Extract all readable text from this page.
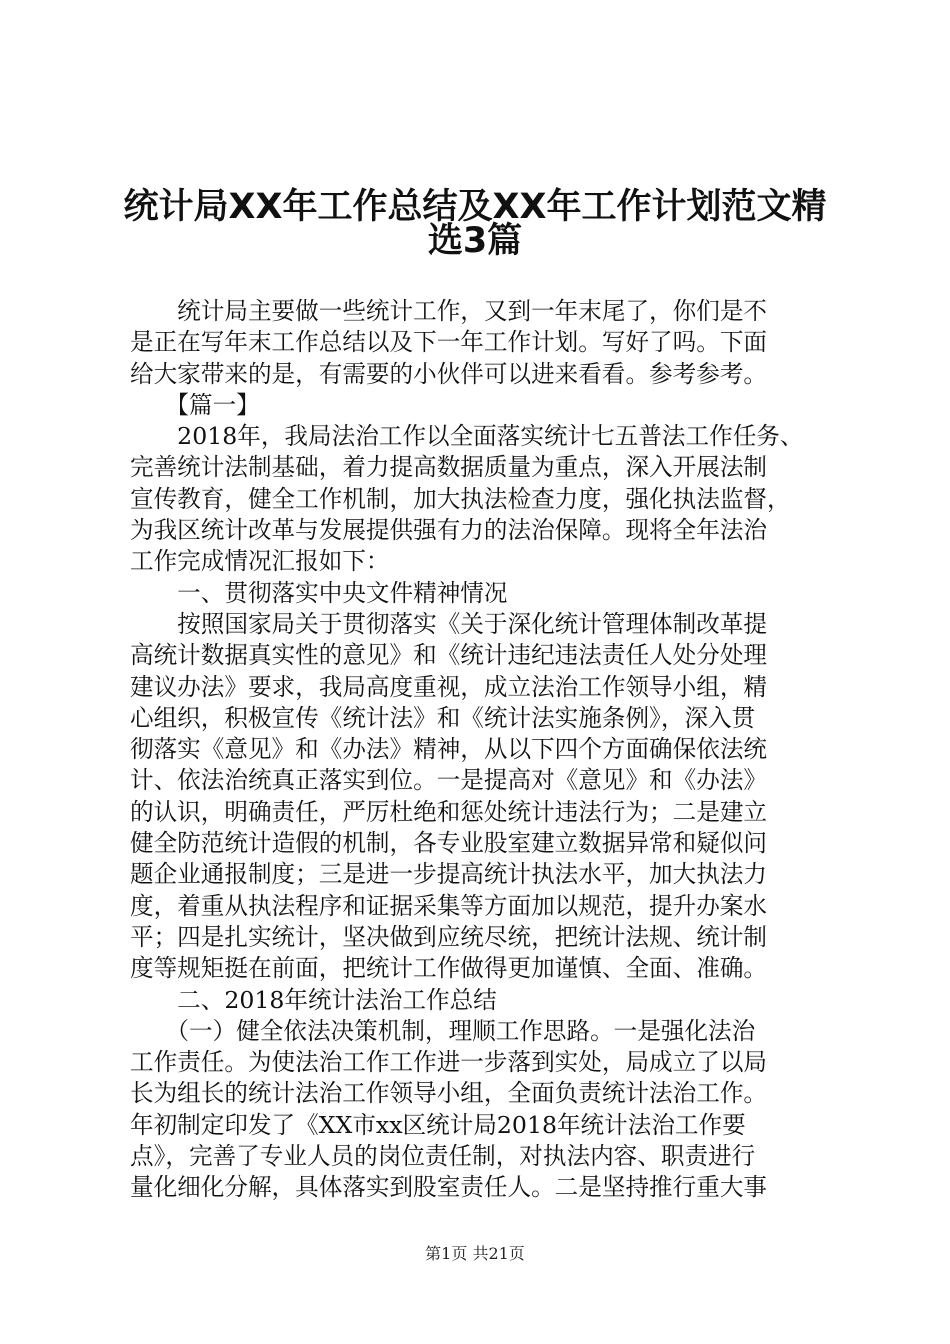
统计局XX年工作总结及XX年工作计划范文精
选3篇
　　统计局主要做一些统计工作，又到一年末尾了，你们是不
是正在写年末工作总结以及下一年工作计划。写好了吗。下面
给大家带来的是，有需要的小伙伴可以进来看看。参考参考。
　　【篇一】
　　2018年，我局法治工作以全面落实统计七五普法工作任务、
完善统计法制基础，着力提高数据质量为重点，深入开展法制
宣传教育，健全工作机制，加大执法检查力度，强化执法监督，
为我区统计改革与发展提供强有力的法治保障。现将全年法治
工作完成情况汇报如下：
　　一、贯彻落实中央文件精神情况
　　按照国家局关于贯彻落实《关于深化统计管理体制改革提
高统计数据真实性的意见》和《统计违纪违法责任人处分处理
建议办法》要求，我局高度重视，成立法治工作领导小组，精
心组织，积极宣传《统计法》和《统计法实施条例》，深入贯
彻落实《意见》和《办法》精神，从以下四个方面确保依法统
计、依法治统真正落实到位。一是提高对《意见》和《办法》
的认识，明确责任，严厉杜绝和惩处统计违法行为；二是建立
健全防范统计造假的机制，各专业股室建立数据异常和疑似问
题企业通报制度；三是进一步提高统计执法水平，加大执法力
度，着重从执法程序和证据采集等方面加以规范，提升办案水
平；四是扎实统计，坚决做到应统尽统，把统计法规、统计制
度等规矩挺在前面，把统计工作做得更加谨慎、全面、准确。
　　二、2018年统计法治工作总结
　　（一）健全依法决策机制，理顺工作思路。一是强化法治
工作责任。为使法治工作工作进一步落到实处，局成立了以局
长为组长的统计法治工作领导小组，全面负责统计法治工作。
年初制定印发了《XX市xx区统计局2018年统计法治工作要
点》，完善了专业人员的岗位责任制，对执法内容、职责进行
量化细化分解，具体落实到股室责任人。二是坚持推行重大事
第1页 共21页
